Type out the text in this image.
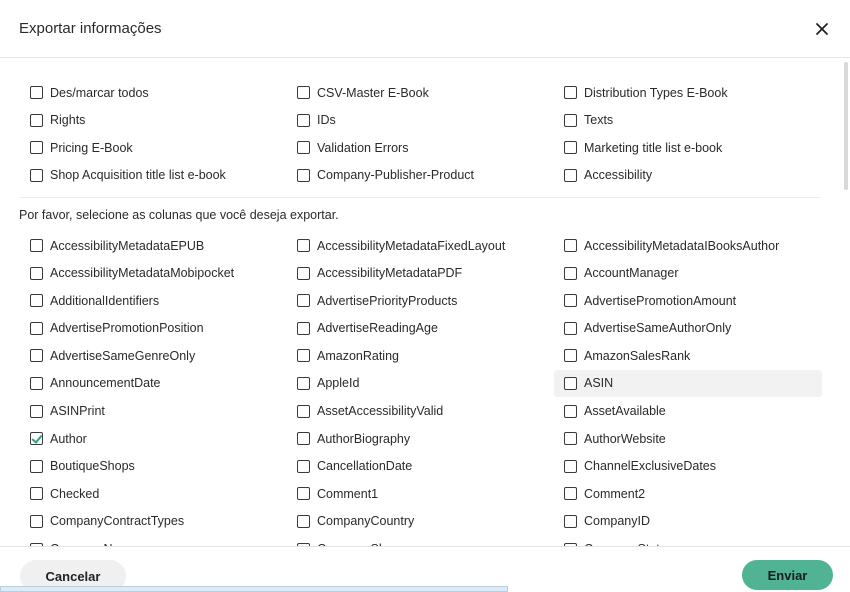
Exportar informações
Des/marcar todos	CSV-Master E-Book	Distribution Types E-Book
Rights	IDs	Texts
Pricing E-Book	Validation Errors	Marketing title list e-book
Shop Acquisition title list e-book	Company-Publisher-Product	Accessibility
Por favor, selecione as colunas que você deseja exportar.
AccessibilityMetadataEPUB	AccessibilityMetadataFixedLayout	AccessibilityMetadataIBooksAuthor
AccessibilityMetadataMobipocket	AccessibilityMetadataPDF	AccountManager
AdditionalIdentifiers	AdvertisePriorityProducts	AdvertisePromotionAmount
AdvertisePromotionPosition	AdvertiseReadingAge	AdvertiseSameAuthorOnly
AdvertiseSameGenreOnly	AmazonRating	AmazonSalesRank
AnnouncementDate	AppleId	ASIN
ASINPrint	AssetAccessibilityValid	AssetAvailable
Author	AuthorBiography	AuthorWebsite
BoutiqueShops	CancellationDate	ChannelExclusiveDates
Checked	Comment1	Comment2
CompanyContractTypes	CompanyCountry	CompanyID
Cancelar	Enviar
